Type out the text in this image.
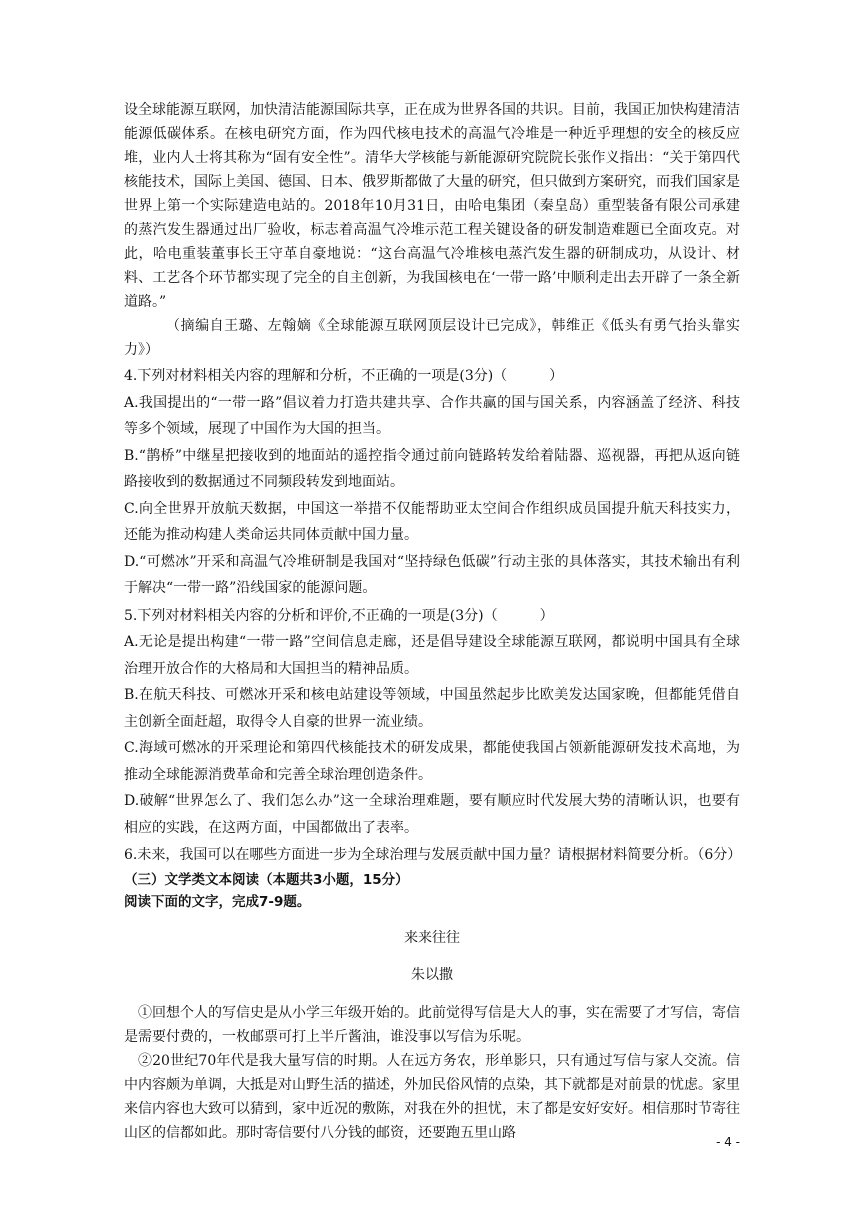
设全球能源互联网，加快清洁能源国际共享，正在成为世界各国的共识。目前，我国正加快构建清洁能源低碳体系。在核电研究方面，作为四代核电技术的高温气冷堆是一种近乎理想的安全的核反应堆，业内人士将其称为“固有安全性”。清华大学核能与新能源研究院院长张作义指出：“关于第四代核能技术，国际上美国、德国、日本、俄罗斯都做了大量的研究，但只做到方案研究，而我们国家是世界上第一个实际建造电站的。2018年10月31日，由哈电集团（秦皇岛）重型装备有限公司承建的蒸汽发生器通过出厂验收，标志着高温气冷堆示范工程关键设备的研发制造难题已全面攻克。对此，哈电重装董事长王守革自豪地说：“这台高温气冷堆核电蒸汽发生器的研制成功，从设计、材料、工艺各个环节都实现了完全的自主创新，为我国核电在‘一带一路’中顺利走出去开辟了一条全新道路。”

（摘编自王璐、左翰嫡《全球能源互联网顶层设计已完成》，韩维正《低头有勇气抬头靠实力》）

4.下列对材料相关内容的理解和分析，不正确的一项是(3分)（　　　）

A.我国提出的“一带一路”倡议着力打造共建共享、合作共赢的国与国关系，内容涵盖了经济、科技等多个领域，展现了中国作为大国的担当。

B.“鹊桥”中继星把接收到的地面站的遥控指令通过前向链路转发给着陆器、巡视器，再把从返向链路接收到的数据通过不同频段转发到地面站。

C.向全世界开放航天数据，中国这一举措不仅能帮助亚太空间合作组织成员国提升航天科技实力，还能为推动构建人类命运共同体贡献中国力量。

D.“可燃冰”开采和高温气冷堆研制是我国对“坚持绿色低碳”行动主张的具体落实，其技术输出有利于解决“一带一路”沿线国家的能源问题。

5.下列对材料相关内容的分析和评价,不正确的一项是(3分)（　　　）

A.无论是提出构建“一带一路”空间信息走廊，还是倡导建设全球能源互联网，都说明中国具有全球治理开放合作的大格局和大国担当的精神品质。

B.在航天科技、可燃冰开采和核电站建设等领域，中国虽然起步比欧美发达国家晚，但都能凭借自主创新全面赶超，取得令人自豪的世界一流业绩。

C.海域可燃冰的开采理论和第四代核能技术的研发成果，都能使我国占领新能源研发技术高地，为推动全球能源消费革命和完善全球治理创造条件。

D.破解“世界怎么了、我们怎么办”这一全球治理难题，要有顺应时代发展大势的清晰认识，也要有相应的实践，在这两方面，中国都做出了表率。

6.未来，我国可以在哪些方面进一步为全球治理与发展贡献中国力量？请根据材料简要分析。（6分）

（三）文学类文本阅读（本题共3小题，15分）

阅读下面的文字，完成7-9题。

来来往往

朱以撒

①回想个人的写信史是从小学三年级开始的。此前觉得写信是大人的事，实在需要了才写信，寄信是需要付费的，一枚邮票可打上半斤酱油，谁没事以写信为乐呢。

②20世纪70年代是我大量写信的时期。人在远方务农，形单影只，只有通过写信与家人交流。信中内容颇为单调，大抵是对山野生活的描述，外加民俗风情的点染，其下就都是对前景的忧虑。家里来信内容也大致可以猜到，家中近况的敷陈，对我在外的担忧，末了都是安好安好。相信那时节寄往山区的信都如此。那时寄信要付八分钱的邮资，还要跑五里山路

- 4 -
